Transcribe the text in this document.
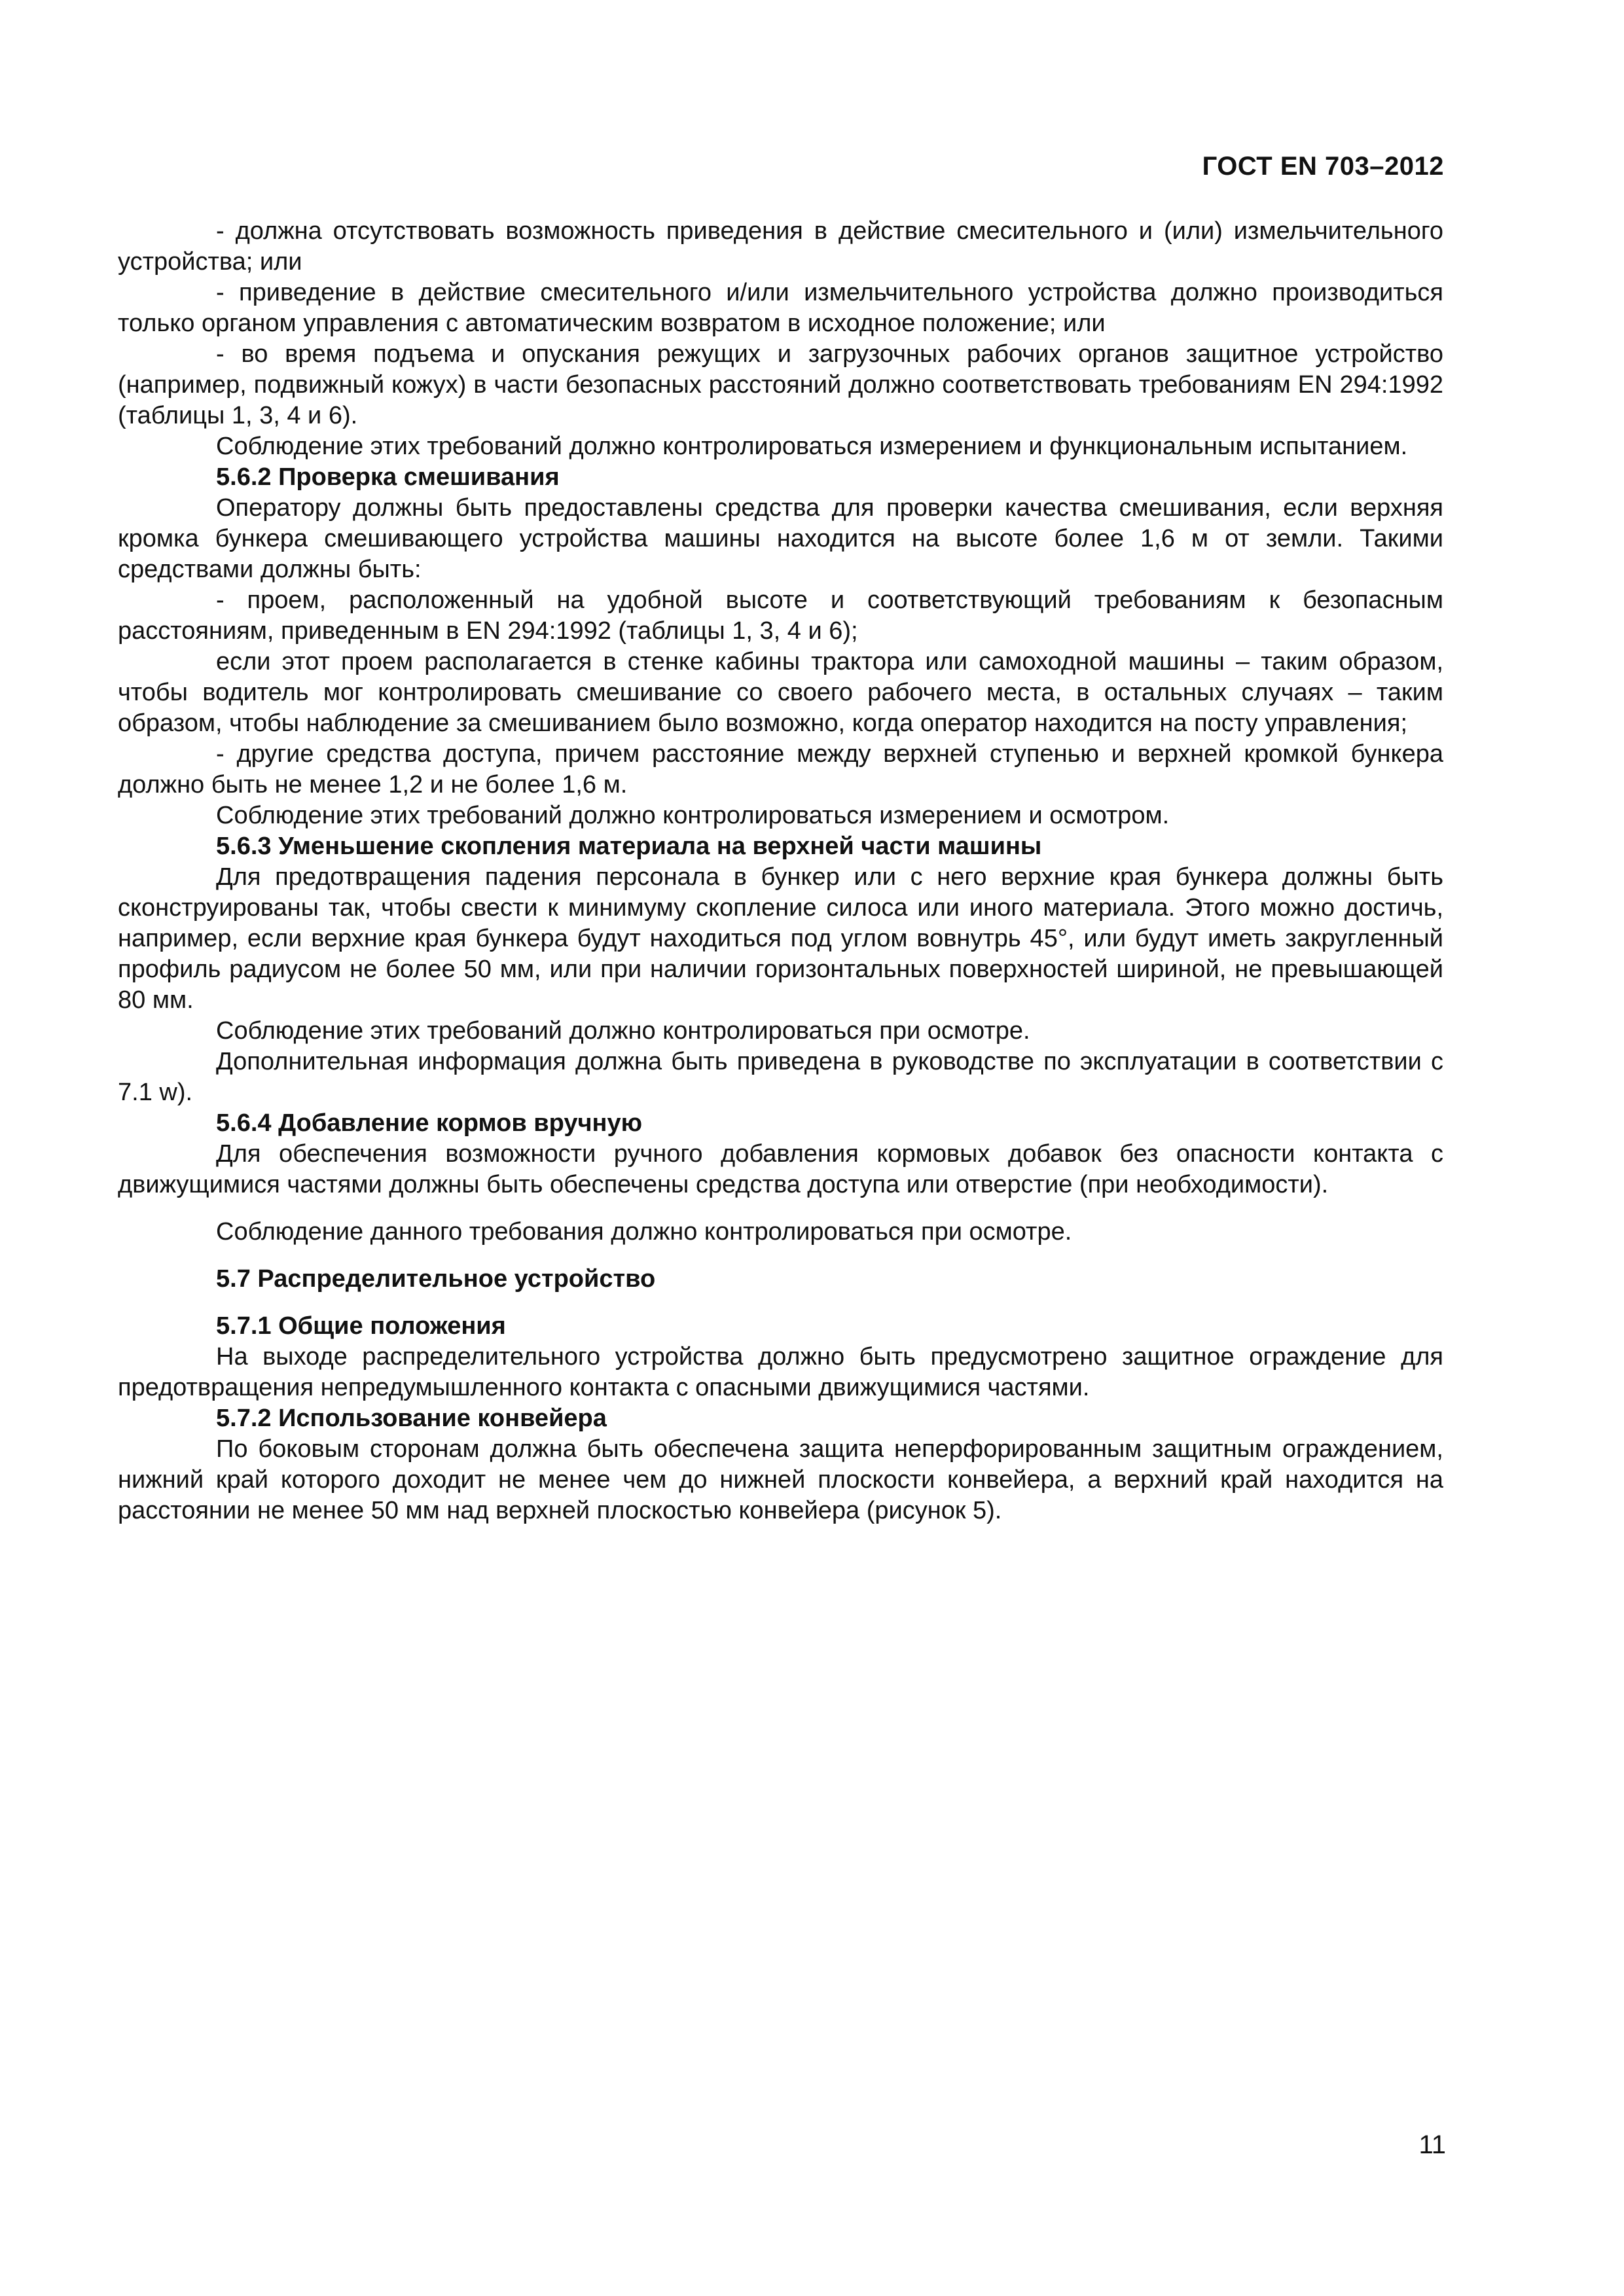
ГОСТ EN 703–2012

- должна отсутствовать возможность приведения в действие смесительного и (или) измельчительного устройства; или

- приведение в действие смесительного и/или измельчительного устройства должно производиться только органом управления с автоматическим возвратом в исходное положение; или

- во время подъема и опускания режущих и загрузочных рабочих органов защитное устройство (например, подвижный кожух) в части безопасных расстояний должно соответствовать требованиям EN 294:1992 (таблицы 1, 3, 4 и 6).

Соблюдение этих требований должно контролироваться измерением и функциональным испытанием.

5.6.2 Проверка смешивания

Оператору должны быть предоставлены средства для проверки качества смешивания, если верхняя кромка бункера смешивающего устройства машины находится на высоте более 1,6 м от земли. Такими средствами должны быть:

- проем, расположенный на удобной высоте и соответствующий требованиям к безопасным расстояниям, приведенным в EN 294:1992 (таблицы 1, 3, 4 и 6);

если этот проем располагается в стенке кабины трактора или самоходной машины – таким образом, чтобы водитель мог контролировать смешивание со своего рабочего места, в остальных случаях – таким образом, чтобы наблюдение за смешиванием было возможно, когда оператор находится на посту управления;

- другие средства доступа, причем расстояние между верхней ступенью и верхней кромкой бункера должно быть не менее 1,2 и не более 1,6 м.

Соблюдение этих требований должно контролироваться измерением и осмотром.

5.6.3 Уменьшение скопления материала на верхней части машины

Для предотвращения падения персонала в бункер или с него верхние края бункера должны быть сконструированы так, чтобы свести к минимуму скопление силоса или иного материала. Этого можно достичь, например, если верхние края бункера будут находиться под углом вовнутрь 45°, или будут иметь закругленный профиль радиусом не более 50 мм, или при наличии горизонтальных поверхностей шириной, не превышающей 80 мм.

Соблюдение этих требований должно контролироваться при осмотре.

Дополнительная информация должна быть приведена в руководстве по эксплуатации в соответствии с 7.1 w).

5.6.4 Добавление кормов вручную

Для обеспечения возможности ручного добавления кормовых добавок без опасности контакта с движущимися частями должны быть обеспечены средства доступа или отверстие (при необходимости).

Соблюдение данного требования должно контролироваться при осмотре.

5.7 Распределительное устройство
5.7.1 Общие положения

На выходе распределительного устройства должно быть предусмотрено защитное ограждение для предотвращения непредумышленного контакта с опасными движущимися частями.

5.7.2 Использование конвейера

По боковым сторонам должна быть обеспечена защита неперфорированным защитным ограждением, нижний край которого доходит не менее чем до нижней плоскости конвейера, а верхний край находится на расстоянии не менее 50 мм над верхней плоскостью конвейера (рисунок 5).

11
